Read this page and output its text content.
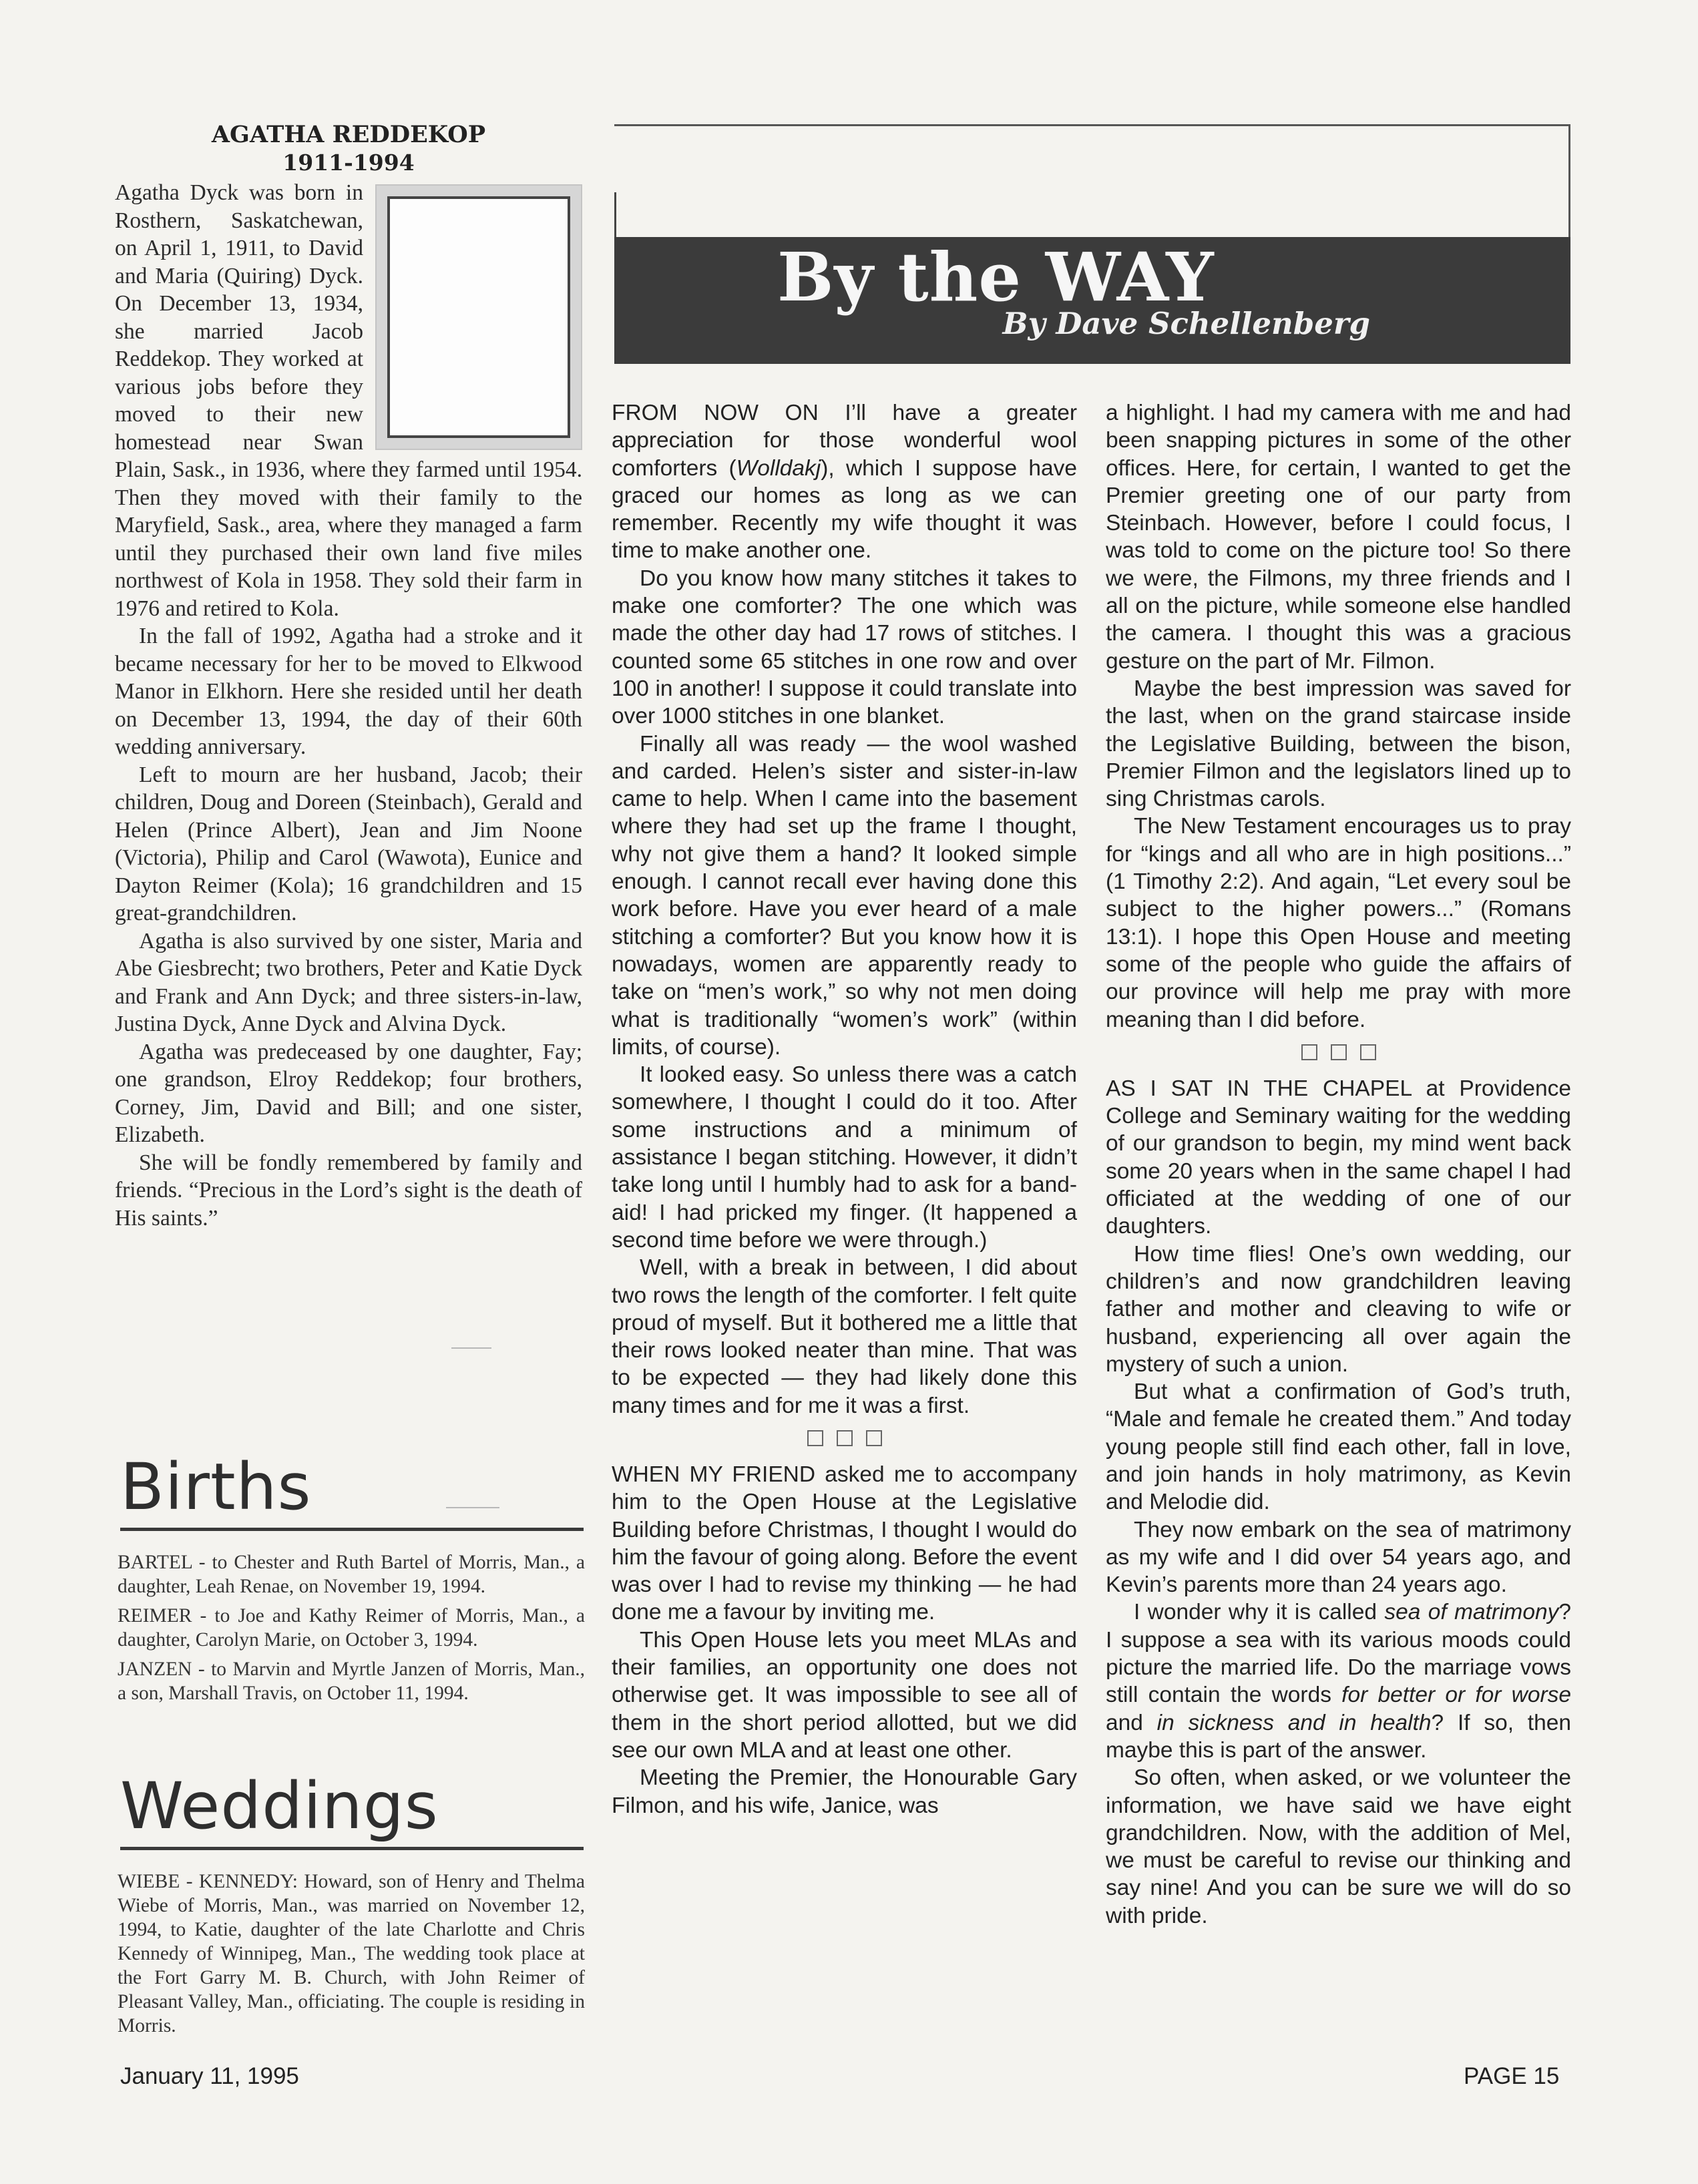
AGATHA REDDEKOP
1911-1994

Agatha Dyck was born in Rosthern, Saskatchewan, on April 1, 1911, to David and Maria (Quiring) Dyck. On December 13, 1934, she married Jacob Reddekop. They worked at various jobs before they moved to their new homestead near Swan Plain, Sask., in 1936, where they farmed until 1954. Then they moved with their family to the Maryfield, Sask., area, where they managed a farm until they purchased their own land five miles northwest of Kola in 1958. They sold their farm in 1976 and retired to Kola.

In the fall of 1992, Agatha had a stroke and it became necessary for her to be moved to Elkwood Manor in Elkhorn. Here she resided until her death on December 13, 1994, the day of their 60th wedding anniversary.

Left to mourn are her husband, Jacob; their children, Doug and Doreen (Steinbach), Gerald and Helen (Prince Albert), Jean and Jim Noone (Victoria), Philip and Carol (Wawota), Eunice and Dayton Reimer (Kola); 16 grandchildren and 15 great-grandchildren.

Agatha is also survived by one sister, Maria and Abe Giesbrecht; two brothers, Peter and Katie Dyck and Frank and Ann Dyck; and three sisters-in-law, Justina Dyck, Anne Dyck and Alvina Dyck.

Agatha was predeceased by one daughter, Fay; one grandson, Elroy Reddekop; four brothers, Corney, Jim, David and Bill; and one sister, Elizabeth.

She will be fondly remembered by family and friends. “Precious in the Lord’s sight is the death of His saints.”

Births

BARTEL - to Chester and Ruth Bartel of Morris, Man., a daughter, Leah Renae, on November 19, 1994.

REIMER - to Joe and Kathy Reimer of Morris, Man., a daughter, Carolyn Marie, on October 3, 1994.

JANZEN - to Marvin and Myrtle Janzen of Morris, Man., a son, Marshall Travis, on October 11, 1994.

Weddings

WIEBE - KENNEDY: Howard, son of Henry and Thelma Wiebe of Morris, Man., was married on November 12, 1994, to Katie, daughter of the late Charlotte and Chris Kennedy of Winnipeg, Man., The wedding took place at the Fort Garry M. B. Church, with John Reimer of Pleasant Valley, Man., officiating. The couple is residing in Morris.

By the WAY
By Dave Schellenberg

FROM NOW ON I’ll have a greater appreciation for those wonderful wool comforters (Wolldakj), which I suppose have graced our homes as long as we can remember. Recently my wife thought it was time to make another one.

Do you know how many stitches it takes to make one comforter? The one which was made the other day had 17 rows of stitches. I counted some 65 stitches in one row and over 100 in another! I suppose it could translate into over 1000 stitches in one blanket.

Finally all was ready — the wool washed and carded. Helen’s sister and sister-in-law came to help. When I came into the basement where they had set up the frame I thought, why not give them a hand? It looked simple enough. I cannot recall ever having done this work before. Have you ever heard of a male stitching a comforter? But you know how it is nowadays, women are apparently ready to take on “men’s work,” so why not men doing what is traditionally “women’s work” (within limits, of course).

It looked easy. So unless there was a catch somewhere, I thought I could do it too. After some instructions and a minimum of assistance I began stitching. However, it didn’t take long until I humbly had to ask for a band-aid! I had pricked my finger. (It happened a second time before we were through.)

Well, with a break in between, I did about two rows the length of the comforter. I felt quite proud of myself. But it bothered me a little that their rows looked neater than mine. That was to be expected — they had likely done this many times and for me it was a first.

WHEN MY FRIEND asked me to accompany him to the Open House at the Legislative Building before Christmas, I thought I would do him the favour of going along. Before the event was over I had to revise my thinking — he had done me a favour by inviting me.

This Open House lets you meet MLAs and their families, an opportunity one does not otherwise get. It was impossible to see all of them in the short period allotted, but we did see our own MLA and at least one other.

Meeting the Premier, the Honourable Gary Filmon, and his wife, Janice, was

a highlight. I had my camera with me and had been snapping pictures in some of the other offices. Here, for certain, I wanted to get the Premier greeting one of our party from Steinbach. However, before I could focus, I was told to come on the picture too! So there we were, the Filmons, my three friends and I all on the picture, while someone else handled the camera. I thought this was a gracious gesture on the part of Mr. Filmon.

Maybe the best impression was saved for the last, when on the grand staircase inside the Legislative Building, between the bison, Premier Filmon and the legislators lined up to sing Christmas carols.

The New Testament encourages us to pray for “kings and all who are in high positions...” (1 Timothy 2:2). And again, “Let every soul be subject to the higher powers...” (Romans 13:1). I hope this Open House and meeting some of the people who guide the affairs of our province will help me pray with more meaning than I did before.

AS I SAT IN THE CHAPEL at Providence College and Seminary waiting for the wedding of our grandson to begin, my mind went back some 20 years when in the same chapel I had officiated at the wedding of one of our daughters.

How time flies! One’s own wedding, our children’s and now grandchildren leaving father and mother and cleaving to wife or husband, experiencing all over again the mystery of such a union.

But what a confirmation of God’s truth, “Male and female he created them.” And today young people still find each other, fall in love, and join hands in holy matrimony, as Kevin and Melodie did.

They now embark on the sea of matrimony as my wife and I did over 54 years ago, and Kevin’s parents more than 24 years ago.

I wonder why it is called sea of matrimony? I suppose a sea with its various moods could picture the married life. Do the marriage vows still contain the words for better or for worse and in sickness and in health? If so, then maybe this is part of the answer.

So often, when asked, or we volunteer the information, we have said we have eight grandchildren. Now, with the addition of Mel, we must be careful to revise our thinking and say nine! And you can be sure we will do so with pride.

January 11, 1995	PAGE 15
